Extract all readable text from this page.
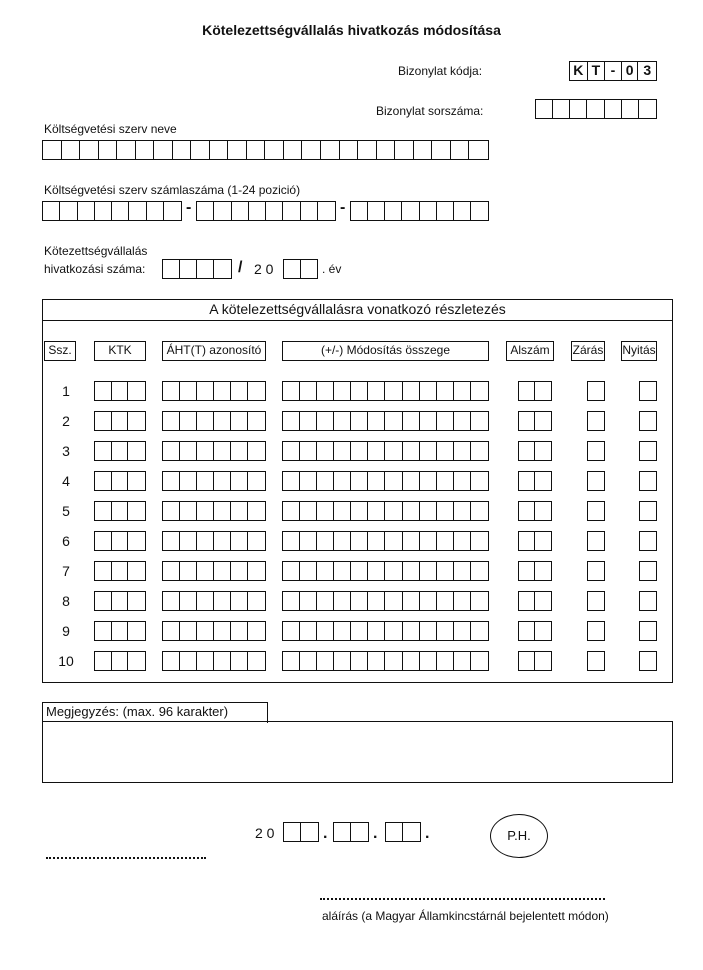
Kötelezettségvállalás hivatkozás módosítása
Bizonylat kódja:	K T - 0 3
Bizonylat sorszáma:
Költségvetési szerv neve
Költségvetési szerv számlaszáma (1-24 pozició)
-	-
Kötezettségvállalás
hivatkozási száma:	/ 2 0	. év
A kötelezettségvállalásra vonatkozó részletezés
Ssz.	KTK	ÁHT(T) azonosító	(+/-) Módosítás összege	Alszám	Zárás Nyitás
1
2
3
4
5
6
7
8
9
10
Megjegyzés: (max. 96 karakter)
2 0	.	.	.	P.H.
aláírás (a Magyar Államkincstárnál bejelentett módon)
